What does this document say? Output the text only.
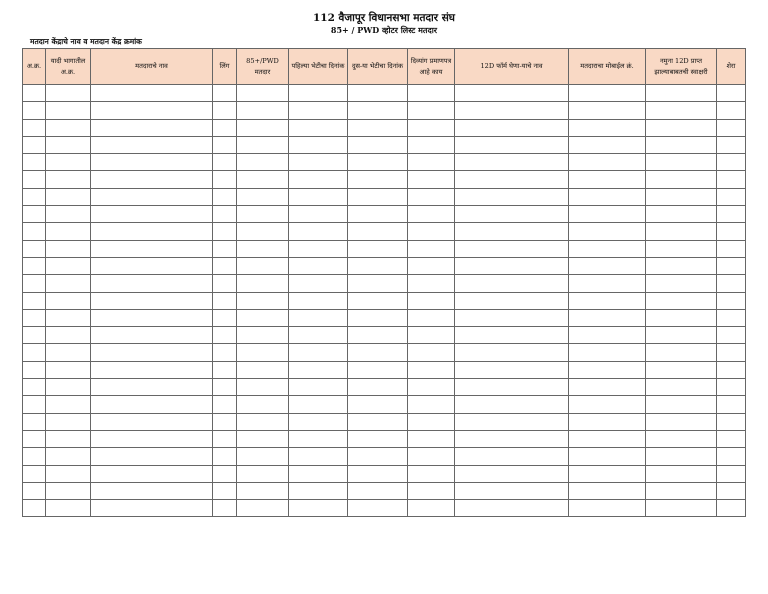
112 वैजापूर विधानसभा मतदार संघ
85+ / PWD व्होटर लिस्ट मतदार
मतदान केंद्राचे नाव व मतदान केंद्र क्रमांक
अ.क्र.	यादी भागातील अ.क्र.	मतदाराचे नाव	लिंग	85+/PWD मतदार	पहिल्या भेटीचा दिनांक	दुस-या भेटीचा दिनांक	दिव्यांग प्रमाणपत्र आहे काय	12D फॉर्म घेणा-याचे नाव	मतदाराचा मोबाईल क्रं.	नमुना 12D प्राप्त झाल्याबाबतची स्वाक्षरी	शेरा
